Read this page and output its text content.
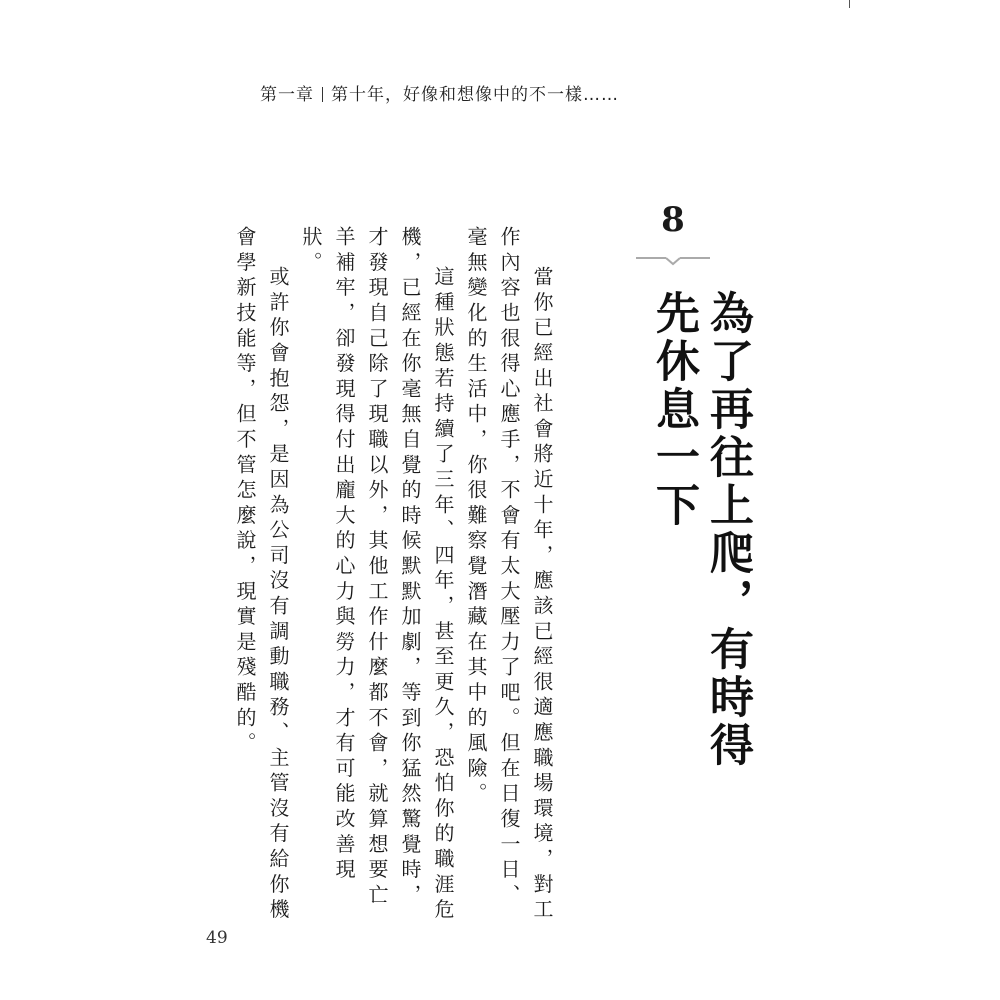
第一章 第十年，好像和想像中的不一樣……
8
為了再往上爬，有時得先休息一下

當你已經出社會將近十年，應該已經很適應職場環境，對工作內容也很得心應手，不會有太大壓力了吧。但在日復一日、毫無變化的生活中，你很難察覺潛藏在其中的風險。

這種狀態若持續了三年、四年，甚至更久，恐怕你的職涯危機，已經在你毫無自覺的時候默默加劇，等到你猛然驚覺時，才發現自己除了現職以外，其他工作什麼都不會，就算想要亡羊補牢，卻發現得付出龐大的心力與勞力，才有可能改善現狀。

或許你會抱怨，是因為公司沒有調動職務、主管沒有給你機會學新技能等，但不管怎麼說，現實是殘酷的。

49
